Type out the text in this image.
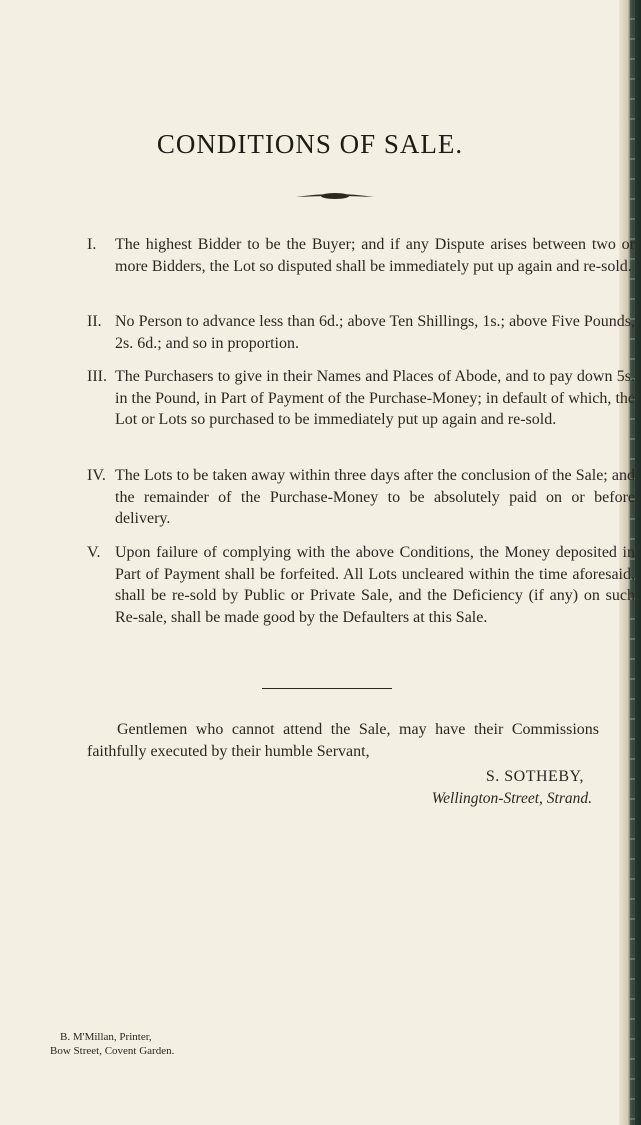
CONDITIONS OF SALE.

I. The highest Bidder to be the Buyer; and if any Dispute arises between two or more Bidders, the Lot so disputed shall be immediately put up again and re-sold.

II. No Person to advance less than 6d.; above Ten Shillings, 1s.; above Five Pounds, 2s. 6d.; and so in proportion.

III. The Purchasers to give in their Names and Places of Abode, and to pay down 5s. in the Pound, in Part of Payment of the Purchase-Money; in default of which, the Lot or Lots so purchased to be immediately put up again and re-sold.

IV. The Lots to be taken away within three days after the conclusion of the Sale; and the remainder of the Purchase-Money to be absolutely paid on or before delivery.

V. Upon failure of complying with the above Conditions, the Money deposited in Part of Payment shall be forfeited. All Lots uncleared within the time aforesaid, shall be re-sold by Public or Private Sale, and the Deficiency (if any) on such Re-sale, shall be made good by the Defaulters at this Sale.

Gentlemen who cannot attend the Sale, may have their Commissions faithfully executed by their humble Servant,

S. SOTHEBY,

Wellington-Street, Strand.

B. M'Millan, Printer,
Bow Street, Covent Garden.
